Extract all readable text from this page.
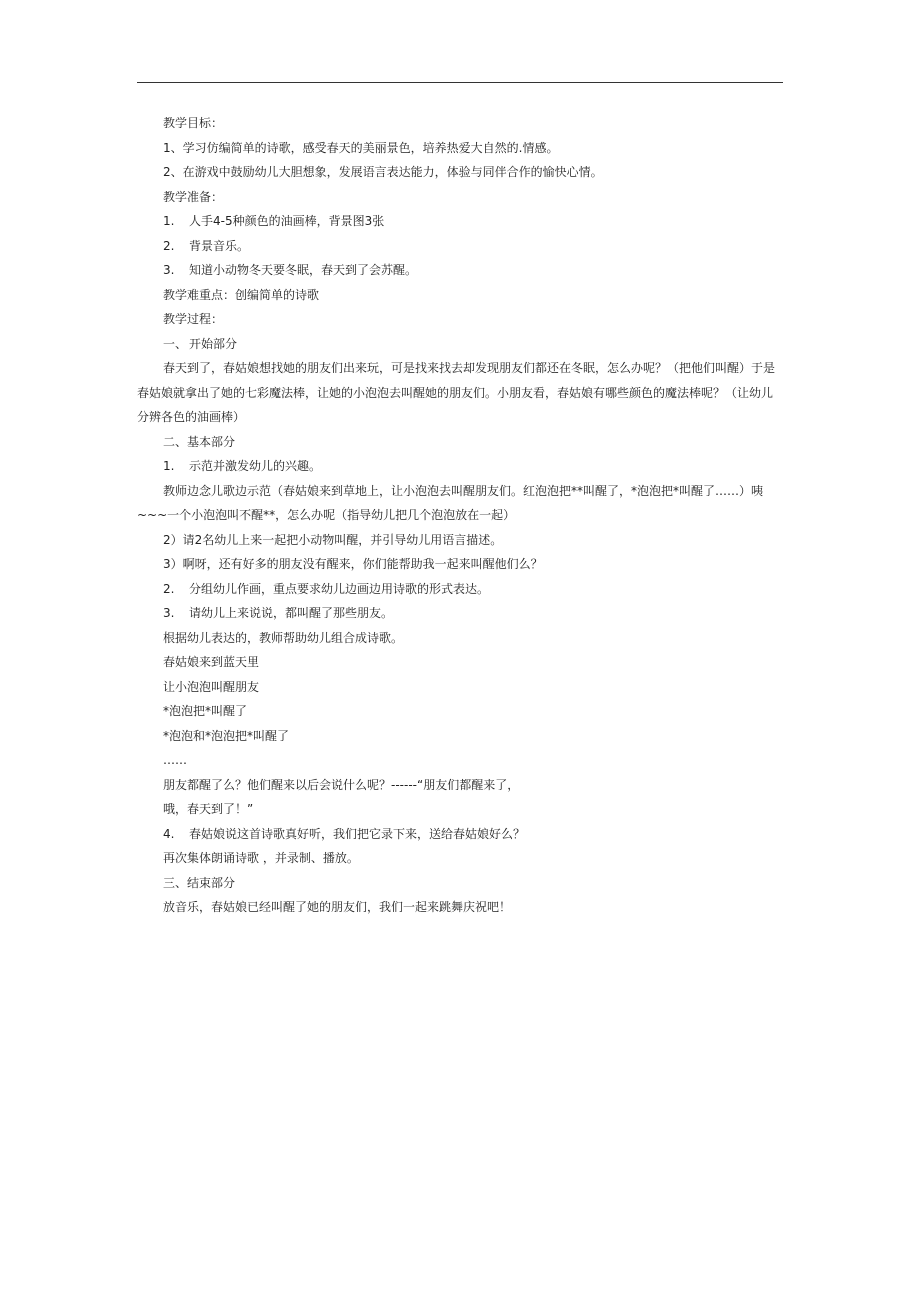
教学目标：

1、学习仿编简单的诗歌，感受春天的美丽景色，培养热爱大自然的.情感。

2、在游戏中鼓励幼儿大胆想象，发展语言表达能力，体验与同伴合作的愉快心情。

教学准备：

1. 人手4-5种颜色的油画棒，背景图3张

2. 背景音乐。

3. 知道小动物冬天要冬眠，春天到了会苏醒。

教学难重点：创编简单的诗歌

教学过程：

一、 开始部分

春天到了，春姑娘想找她的朋友们出来玩，可是找来找去却发现朋友们都还在冬眠，怎么办呢？（把他们叫醒）于是春姑娘就拿出了她的七彩魔法棒，让她的小泡泡去叫醒她的朋友们。小朋友看，春姑娘有哪些颜色的魔法棒呢？（让幼儿分辨各色的油画棒）

二、基本部分

1. 示范并激发幼儿的兴趣。

教师边念儿歌边示范（春姑娘来到草地上，让小泡泡去叫醒朋友们。红泡泡把**叫醒了，*泡泡把*叫醒了……）咦~~~一个小泡泡叫不醒**，怎么办呢（指导幼儿把几个泡泡放在一起）

2）请2名幼儿上来一起把小动物叫醒，并引导幼儿用语言描述。

3）啊呀，还有好多的朋友没有醒来，你们能帮助我一起来叫醒他们么？

2. 分组幼儿作画，重点要求幼儿边画边用诗歌的形式表达。

3. 请幼儿上来说说，都叫醒了那些朋友。

根据幼儿表达的，教师帮助幼儿组合成诗歌。

春姑娘来到蓝天里

让小泡泡叫醒朋友

*泡泡把*叫醒了

*泡泡和*泡泡把*叫醒了

……

朋友都醒了么？他们醒来以后会说什么呢？------“朋友们都醒来了，

哦，春天到了！”

4. 春姑娘说这首诗歌真好听，我们把它录下来，送给春姑娘好么？

再次集体朗诵诗歌 ，并录制、播放。

三、结束部分

放音乐，春姑娘已经叫醒了她的朋友们，我们一起来跳舞庆祝吧！
